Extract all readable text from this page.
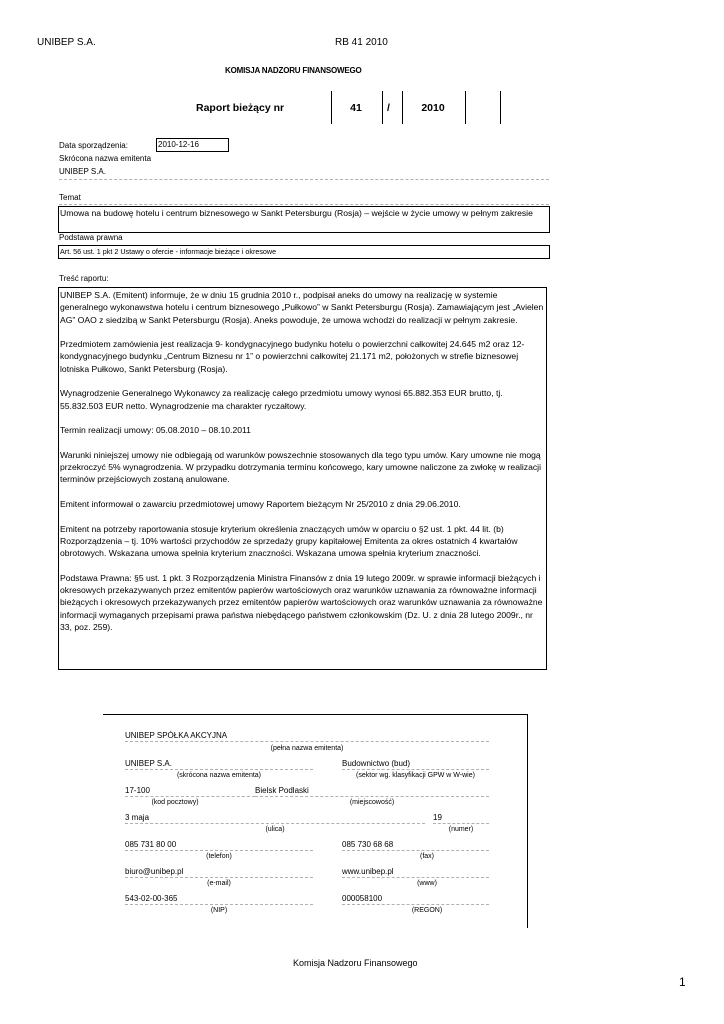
UNIBEP S.A.	RB 41 2010
KOMISJA NADZORU FINANSOWEGO
Raport bieżący nr	41	/	2010
Data sporządzenia:	2010-12-16
Skrócona nazwa emitenta
UNIBEP S.A.
Temat
Umowa na budowę hotelu i centrum biznesowego w Sankt Petersburgu (Rosja) – wejście w życie umowy w pełnym zakresie
Podstawa prawna
Art. 56 ust. 1 pkt 2 Ustawy o ofercie - informacje bieżące i okresowe
Treść raportu:

UNIBEP S.A. (Emitent) informuje, że w dniu 15 grudnia 2010 r., podpisał aneks do umowy na realizację w systemie generalnego wykonawstwa hotelu i centrum biznesowego „Pułkowo” w Sankt Petersburgu (Rosja). Zamawiającym jest „Avielen AG” OAO z siedzibą w Sankt Petersburgu (Rosja). Aneks powoduje, że umowa wchodzi do realizacji w pełnym zakresie.

Przedmiotem zamówienia jest realizacja 9- kondygnacyjnego budynku hotelu o powierzchni całkowitej 24.645 m2 oraz 12- kondygnacyjnego budynku „Centrum Biznesu nr 1” o powierzchni całkowitej 21.171 m2, położonych w strefie biznesowej lotniska Pułkowo, Sankt Petersburg (Rosja).

Wynagrodzenie Generalnego Wykonawcy za realizację całego przedmiotu umowy wynosi 65.882.353 EUR brutto, tj. 55.832.503 EUR netto. Wynagrodzenie ma charakter ryczałtowy.

Termin realizacji umowy: 05.08.2010 – 08.10.2011

Warunki niniejszej umowy nie odbiegają od warunków powszechnie stosowanych dla tego typu umów. Kary umowne nie mogą przekroczyć 5% wynagrodzenia. W przypadku dotrzymania terminu końcowego, kary umowne naliczone za zwłokę w realizacji terminów przejściowych zostaną anulowane.

Emitent informował o zawarciu przedmiotowej umowy Raportem bieżącym Nr 25/2010 z dnia 29.06.2010.

Emitent na potrzeby raportowania stosuje kryterium określenia znaczących umów w oparciu o §2 ust. 1 pkt. 44 lit. (b) Rozporządzenia – tj. 10% wartości przychodów ze sprzedaży grupy kapitałowej Emitenta za okres ostatnich 4 kwartałów obrotowych. Wskazana umowa spełnia kryterium znaczności. Wskazana umowa spełnia kryterium znaczności.

Podstawa Prawna: §5 ust. 1 pkt. 3 Rozporządzenia Ministra Finansów z dnia 19 lutego 2009r. w sprawie informacji bieżących i okresowych przekazywanych przez emitentów papierów wartościowych oraz warunków uznawania za równoważne informacji bieżących i okresowych przekazywanych przez emitentów papierów wartościowych oraz warunków uznawania za równoważne informacji wymaganych przepisami prawa państwa niebędącego państwem członkowskim (Dz. U. z dnia 28 lutego 2009r., nr 33, poz. 259).

UNIBEP SPÓŁKA AKCYJNA
(pełna nazwa emitenta)
UNIBEP S.A.	Budownictwo (bud)
(skrócona nazwa emitenta)	(sektor wg. klasyfikacji GPW w W-wie)
17-100	Bielsk Podlaski
(kod pocztowy)	(miejscowość)
3 maja	19
(ulica)	(numer)
085 731 80 00	085 730 68 68
(telefon)	(fax)
biuro@unibep.pl	www.unibep.pl
(e-mail)	(www)
543-02-00-365	000058100
(NIP)	(REGON)
Komisja Nadzoru Finansowego
1
